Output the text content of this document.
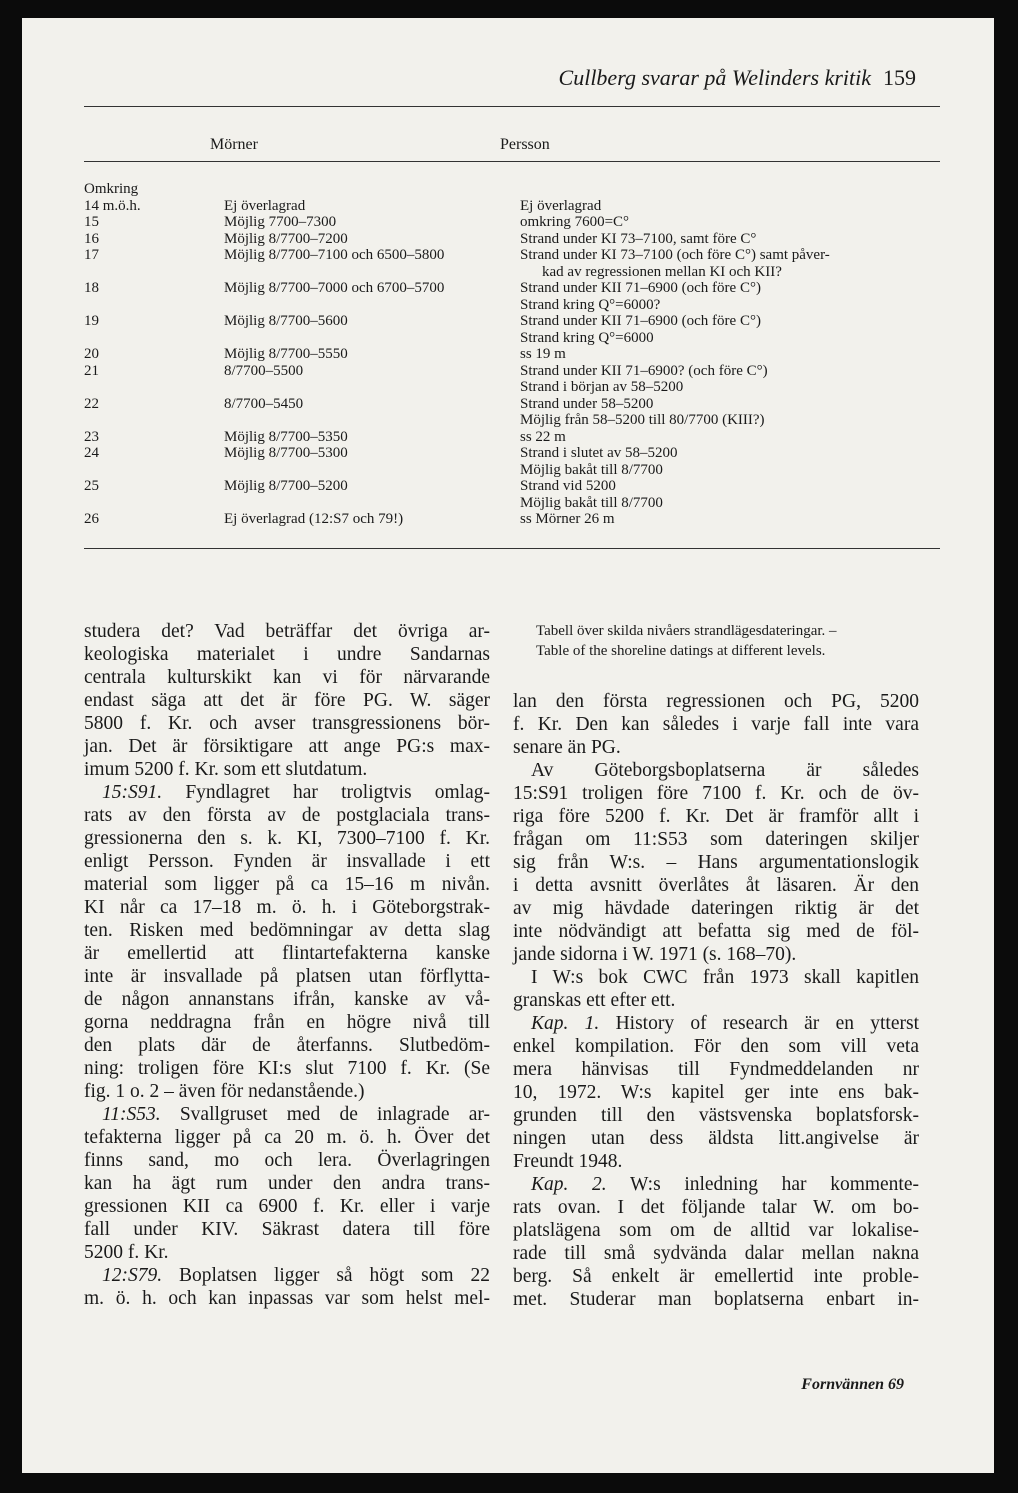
Cullberg svarar på Welinders kritik 159
Mörner	Persson
Omkring
14 m.ö.h.	Ej överlagrad	Ej överlagrad
15	Möjlig 7700–7300	omkring 7600=C°
16	Möjlig 8/7700–7200	Strand under KI 73–7100, samt före C°
17	Möjlig 8/7700–7100 och 6500–5800	Strand under KI 73–7100 (och före C°) samt påver-
kad av regressionen mellan KI och KII?
18	Möjlig 8/7700–7000 och 6700–5700	Strand under KII 71–6900 (och före C°)
Strand kring Q°=6000?
19	Möjlig 8/7700–5600	Strand under KII 71–6900 (och före C°)
Strand kring Q°=6000
20	Möjlig 8/7700–5550	ss 19 m
21	8/7700–5500	Strand under KII 71–6900? (och före C°)
Strand i början av 58–5200
22	8/7700–5450	Strand under 58–5200
Möjlig från 58–5200 till 80/7700 (KIII?)
23	Möjlig 8/7700–5350	ss 22 m
24	Möjlig 8/7700–5300	Strand i slutet av 58–5200
Möjlig bakåt till 8/7700
25	Möjlig 8/7700–5200	Strand vid 5200
Möjlig bakåt till 8/7700
26	Ej överlagrad (12:S7 och 79!)	ss Mörner 26 m
studera det? Vad beträffar det övriga ar-
keologiska materialet i undre Sandarnas
centrala kulturskikt kan vi för närvarande
endast säga att det är före PG. W. säger
5800 f. Kr. och avser transgressionens bör-
jan. Det är försiktigare att ange PG:s max-
imum 5200 f. Kr. som ett slutdatum.
15:S91. Fyndlagret har troligtvis omlag-
rats av den första av de postglaciala trans-
gressionerna den s. k. KI, 7300–7100 f. Kr.
enligt Persson. Fynden är insvallade i ett
material som ligger på ca 15–16 m nivån.
KI når ca 17–18 m. ö. h. i Göteborgstrak-
ten. Risken med bedömningar av detta slag
är emellertid att flintartefakterna kanske
inte är insvallade på platsen utan förflytta-
de någon annanstans ifrån, kanske av vå-
gorna neddragna från en högre nivå till
den plats där de återfanns. Slutbedöm-
ning: troligen före KI:s slut 7100 f. Kr. (Se
fig. 1 o. 2 – även för nedanstående.)
11:S53. Svallgruset med de inlagrade ar-
tefakterna ligger på ca 20 m. ö. h. Över det
finns sand, mo och lera. Överlagringen
kan ha ägt rum under den andra trans-
gressionen KII ca 6900 f. Kr. eller i varje
fall under KIV. Säkrast datera till före
5200 f. Kr.
12:S79. Boplatsen ligger så högt som 22
m. ö. h. och kan inpassas var som helst mel-
Tabell över skilda nivåers strandlägesdateringar. –
Table of the shoreline datings at different levels.
lan den första regressionen och PG, 5200
f. Kr. Den kan således i varje fall inte vara
senare än PG.
Av Göteborgsboplatserna är således
15:S91 troligen före 7100 f. Kr. och de öv-
riga före 5200 f. Kr. Det är framför allt i
frågan om 11:S53 som dateringen skiljer
sig från W:s. – Hans argumentationslogik
i detta avsnitt överlåtes åt läsaren. Är den
av mig hävdade dateringen riktig är det
inte nödvändigt att befatta sig med de föl-
jande sidorna i W. 1971 (s. 168–70).
I W:s bok CWC från 1973 skall kapitlen
granskas ett efter ett.
Kap. 1. History of research är en ytterst
enkel kompilation. För den som vill veta
mera hänvisas till Fyndmeddelanden nr
10, 1972. W:s kapitel ger inte ens bak-
grunden till den västsvenska boplatsforsk-
ningen utan dess äldsta litt.angivelse är
Freundt 1948.
Kap. 2. W:s inledning har kommente-
rats ovan. I det följande talar W. om bo-
platslägena som om de alltid var lokalise-
rade till små sydvända dalar mellan nakna
berg. Så enkelt är emellertid inte proble-
met. Studerar man boplatserna enbart in-
Fornvännen 69
